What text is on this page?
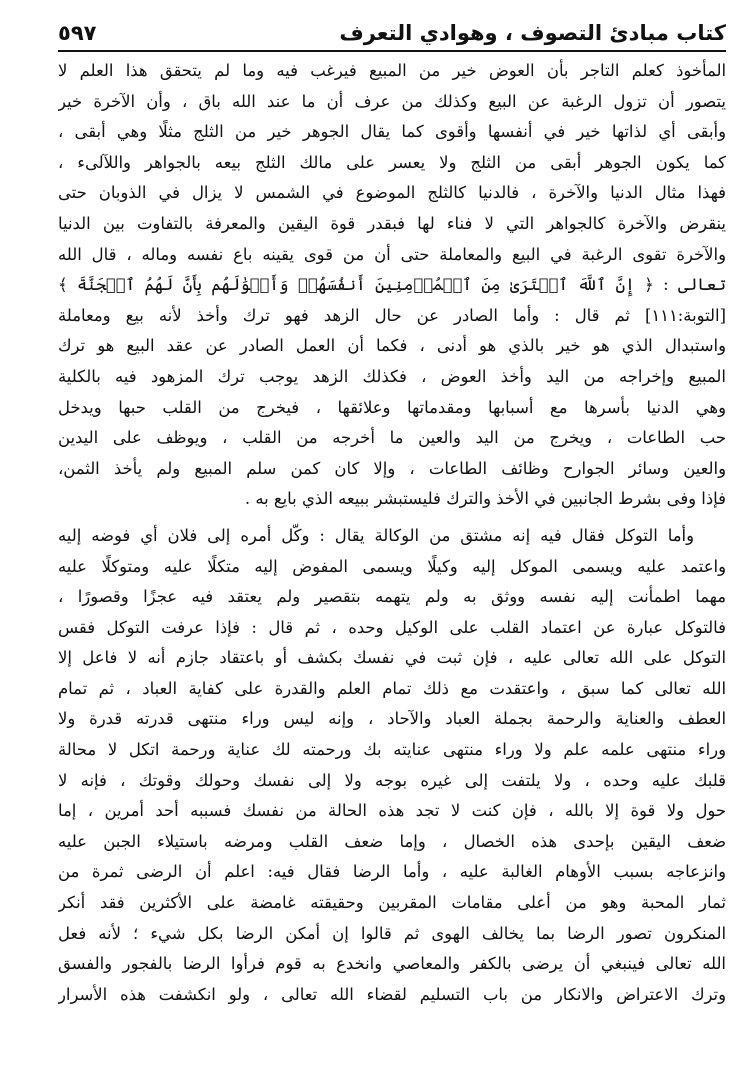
كتاب مبادئ التصوف ، وهوادي التعرف
٥٩٧
المأخوذ كعلم التاجر بأن العوض خير من المبيع فيرغب فيه وما لم يتحقق هذا العلم لا
يتصور أن تزول الرغبة عن البيع وكذلك من عرف أن ما عند الله باق ، وأن الآخرة خير
وأبقى أي لذاتها خير في أنفسها وأقوى كما يقال الجوهر خير من الثلج مثلًا وهي أبقى ،
كما يكون الجوهر أبقى من الثلج ولا يعسر على مالك الثلج بيعه بالجواهر واللآلىء ،
فهذا مثال الدنيا والآخرة ، فالدنيا كالثلج الموضوع في الشمس لا يزال في الذوبان حتى
ينقرض والآخرة كالجواهر التي لا فناء لها فبقدر قوة اليقين والمعرفة بالتفاوت بين الدنيا
والآخرة تقوى الرغبة في البيع والمعاملة حتى أن من قوى يقينه باع نفسه وماله ، قال الله
تعالى : ﴿ إِنَّ ٱللَّهَ ٱشۡتَرَىٰ مِنَ ٱلۡمُؤۡمِنِينَ أَنفُسَهُمۡ وَأَمۡوَٰلَهُم بِأَنَّ لَهُمُ ٱلۡجَنَّةَ ﴾
[التوبة:١١١] ثم قال : وأما الصادر عن حال الزهد فهو ترك وأخذ لأنه بيع ومعاملة
واستبدال الذي هو خير بالذي هو أدنى ، فكما أن العمل الصادر عن عقد البيع هو ترك
المبيع وإخراجه من اليد وأخذ العوض ، فكذلك الزهد يوجب ترك المزهود فيه بالكلية
وهي الدنيا بأسرها مع أسبابها ومقدماتها وعلائقها ، فيخرج من القلب حبها ويدخل
حب الطاعات ، ويخرج من اليد والعين ما أخرجه من القلب ، ويوظف على اليدين
والعين وسائر الجوارح وظائف الطاعات ، وإلا كان كمن سلم المبيع ولم يأخذ الثمن،
فإذا وفى بشرط الجانبين في الأخذ والترك فليستبشر ببيعه الذي بايع به .
وأما التوكل فقال فيه إنه مشتق من الوكالة يقال : وكّل أمره إلى فلان أي فوضه إليه
واعتمد عليه ويسمى الموكل إليه وكيلًا ويسمى المفوض إليه متكلًا عليه ومتوكلًا عليه
مهما اطمأنت إليه نفسه ووثق به ولم يتهمه بتقصير ولم يعتقد فيه عجزًا وقصورًا ،
فالتوكل عبارة عن اعتماد القلب على الوكيل وحده ، ثم قال : فإذا عرفت التوكل فقس
التوكل على الله تعالى عليه ، فإن ثبت في نفسك بكشف أو باعتقاد جازم أنه لا فاعل إلا
الله تعالى كما سبق ، واعتقدت مع ذلك تمام العلم والقدرة على كفاية العباد ، ثم تمام
العطف والعناية والرحمة بجملة العباد والآحاد ، وإنه ليس وراء منتهى قدرته قدرة ولا
وراء منتهى علمه علم ولا وراء منتهى عنايته بك ورحمته لك عناية ورحمة اتكل لا محالة
قلبك عليه وحده ، ولا يلتفت إلى غيره بوجه ولا إلى نفسك وحولك وقوتك ، فإنه لا
حول ولا قوة إلا بالله ، فإن كنت لا تجد هذه الحالة من نفسك فسببه أحد أمرين ، إما
ضعف اليقين بإحدى هذه الخصال ، وإما ضعف القلب ومرضه باستيلاء الجبن عليه
وانزعاجه بسبب الأوهام الغالبة عليه ، وأما الرضا فقال فيه: اعلم أن الرضى ثمرة من
ثمار المحبة وهو من أعلى مقامات المقربين وحقيقته غامضة على الأكثرين فقد أنكر
المنكرون تصور الرضا بما يخالف الهوى ثم قالوا إن أمكن الرضا بكل شيء ؛ لأنه فعل
الله تعالى فينبغي أن يرضى بالكفر والمعاصي وانخدع به قوم فرأوا الرضا بالفجور والفسق
وترك الاعتراض والانكار من باب التسليم لقضاء الله تعالى ، ولو انكشفت هذه الأسرار
